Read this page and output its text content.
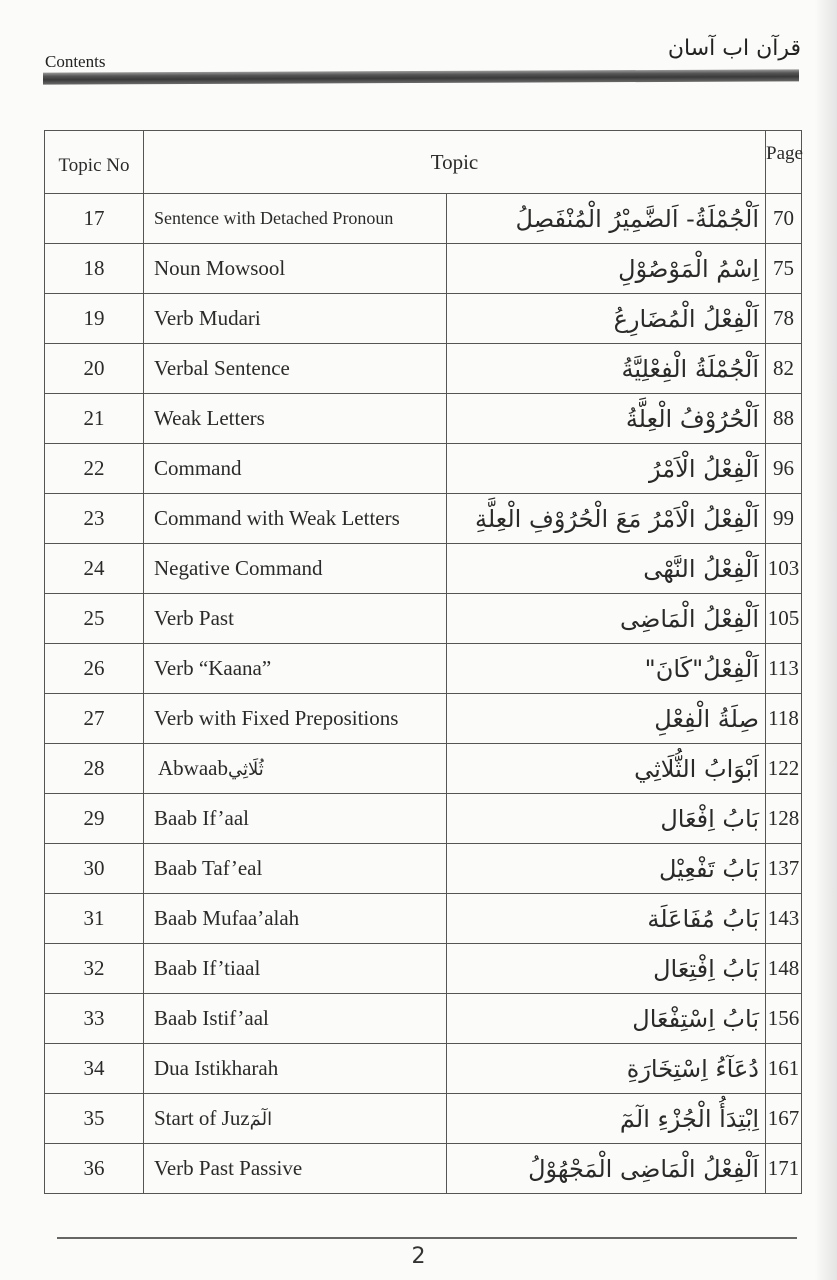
Contents
قرآن اب آسان
Topic No	Topic		Page
17	Sentence with Detached Pronoun	اَلْجُمْلَةُ- اَلضَّمِيْرُ الْمُنْفَصِلُ	70
18	Noun Mowsool	اِسْمُ الْمَوْصُوْلِ	75
19	Verb Mudari	اَلْفِعْلُ الْمُضَارِعُ	78
20	Verbal Sentence	اَلْجُمْلَةُ الْفِعْلِيَّةُ	82
21	Weak Letters	اَلْحُرُوْفُ الْعِلَّةُ	88
22	Command	اَلْفِعْلُ الْاَمْرُ	96
23	Command with Weak Letters	اَلْفِعْلُ الْاَمْرُ مَعَ الْحُرُوْفِ الْعِلَّةِ	99
24	Negative Command	اَلْفِعْلُ النَّهْى	103
25	Verb Past	اَلْفِعْلُ الْمَاضِى	105
26	Verb “Kaana”	اَلْفِعْلُ"كَانَ"	113
27	Verb with Fixed Prepositions	صِلَةُ الْفِعْلِ	118
28	Abwaabثُلَاثِي	اَبْوَابُ الثُّلَاثِي	122
29	Baab If’aal	بَابُ اِفْعَال	128
30	Baab Taf’eal	بَابُ تَفْعِيْل	137
31	Baab Mufaa’alah	بَابُ مُفَاعَلَة	143
32	Baab If’tiaal	بَابُ اِفْتِعَال	148
33	Baab Istif’aal	بَابُ اِسْتِفْعَال	156
34	Dua Istikharah	دُعَآءُ اِسْتِخَارَةِ	161
35	Start of Juzالٓمٓ	اِبْتِدَأُ الْجُزْءِ الٓمٓ	167
36	Verb Past Passive	اَلْفِعْلُ الْمَاضِى الْمَجْهُوْلُ	171
2
